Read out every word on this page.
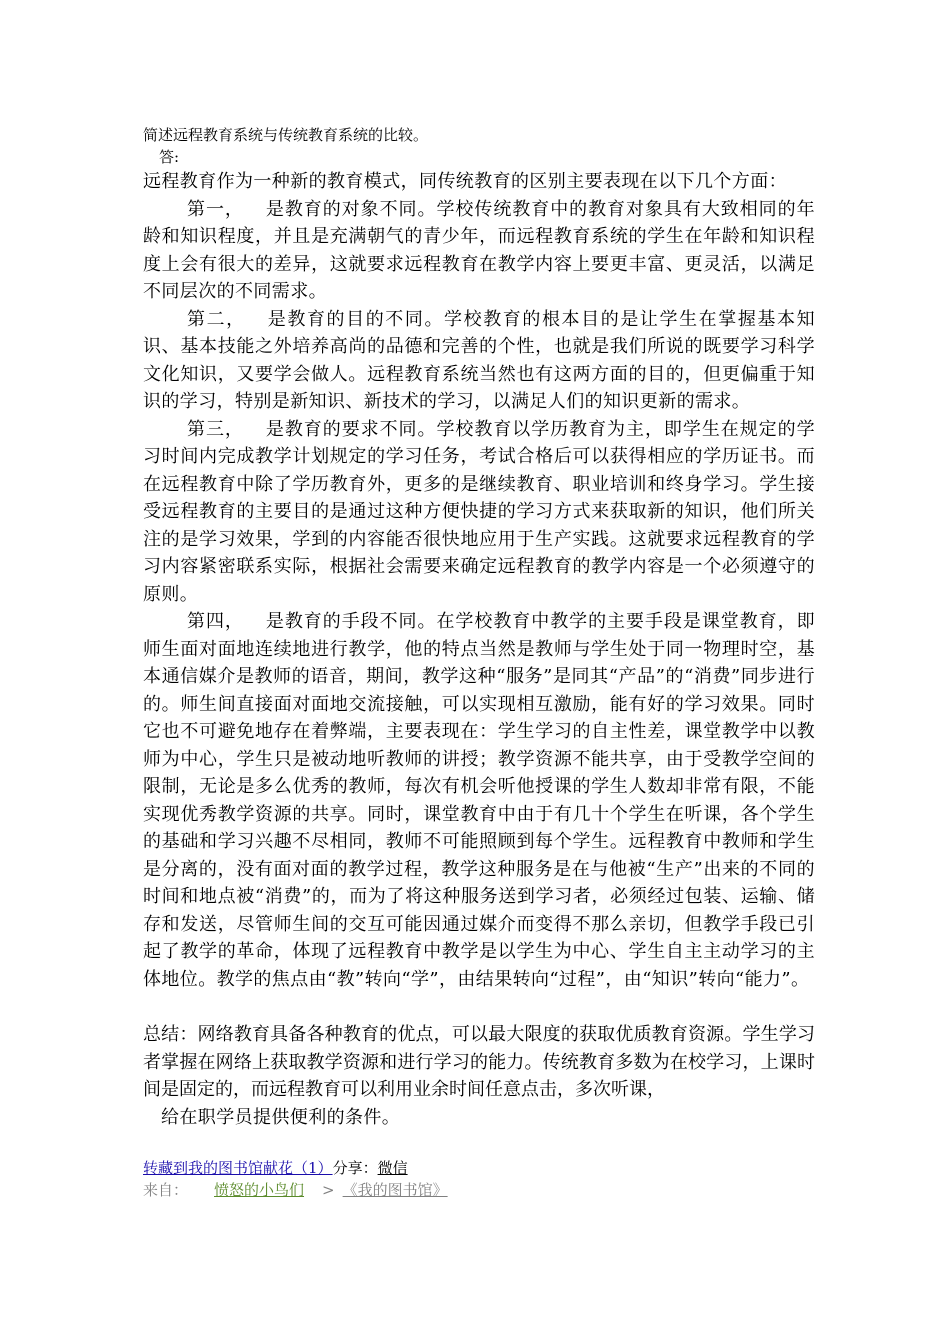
简述远程教育系统与传统教育系统的比较。

答:

远程教育作为一种新的教育模式，同传统教育的区别主要表现在以下几个方面：

第一， 是教育的对象不同。学校传统教育中的教育对象具有大致相同的年龄和知识程度，并且是充满朝气的青少年，而远程教育系统的学生在年龄和知识程度上会有很大的差异，这就要求远程教育在教学内容上要更丰富、更灵活，以满足不同层次的不同需求。

第二， 是教育的目的不同。学校教育的根本目的是让学生在掌握基本知识、基本技能之外培养高尚的品德和完善的个性，也就是我们所说的既要学习科学文化知识，又要学会做人。远程教育系统当然也有这两方面的目的，但更偏重于知识的学习，特别是新知识、新技术的学习，以满足人们的知识更新的需求。

第三， 是教育的要求不同。学校教育以学历教育为主，即学生在规定的学习时间内完成教学计划规定的学习任务，考试合格后可以获得相应的学历证书。而在远程教育中除了学历教育外，更多的是继续教育、职业培训和终身学习。学生接受远程教育的主要目的是通过这种方便快捷的学习方式来获取新的知识，他们所关注的是学习效果，学到的内容能否很快地应用于生产实践。这就要求远程教育的学习内容紧密联系实际，根据社会需要来确定远程教育的教学内容是一个必须遵守的原则。

第四， 是教育的手段不同。在学校教育中教学的主要手段是课堂教育，即师生面对面地连续地进行教学，他的特点当然是教师与学生处于同一物理时空，基本通信媒介是教师的语音，期间，教学这种“服务”是同其“产品”的“消费”同步进行的。师生间直接面对面地交流接触，可以实现相互激励，能有好的学习效果。同时它也不可避免地存在着弊端，主要表现在：学生学习的自主性差，课堂教学中以教师为中心，学生只是被动地听教师的讲授；教学资源不能共享，由于受教学空间的限制，无论是多么优秀的教师，每次有机会听他授课的学生人数却非常有限，不能实现优秀教学资源的共享。同时，课堂教育中由于有几十个学生在听课，各个学生的基础和学习兴趣不尽相同，教师不可能照顾到每个学生。远程教育中教师和学生是分离的，没有面对面的教学过程，教学这种服务是在与他被“生产”出来的不同的时间和地点被“消费”的，而为了将这种服务送到学习者，必须经过包装、运输、储存和发送，尽管师生间的交互可能因通过媒介而变得不那么亲切，但教学手段已引起了教学的革命，体现了远程教育中教学是以学生为中心、学生自主主动学习的主体地位。教学的焦点由“教”转向“学”，由结果转向“过程”，由“知识”转向“能力”。

总结：网络教育具备各种教育的优点，可以最大限度的获取优质教育资源。学生学习者掌握在网络上获取教学资源和进行学习的能力。传统教育多数为在校学习，上课时间是固定的，而远程教育可以利用业余时间任意点击，多次听课，

给在职学员提供便利的条件。

转藏到我的图书馆献花（1）分享：微信
来自： 愤怒的小鸟们 > 《我的图书馆》
